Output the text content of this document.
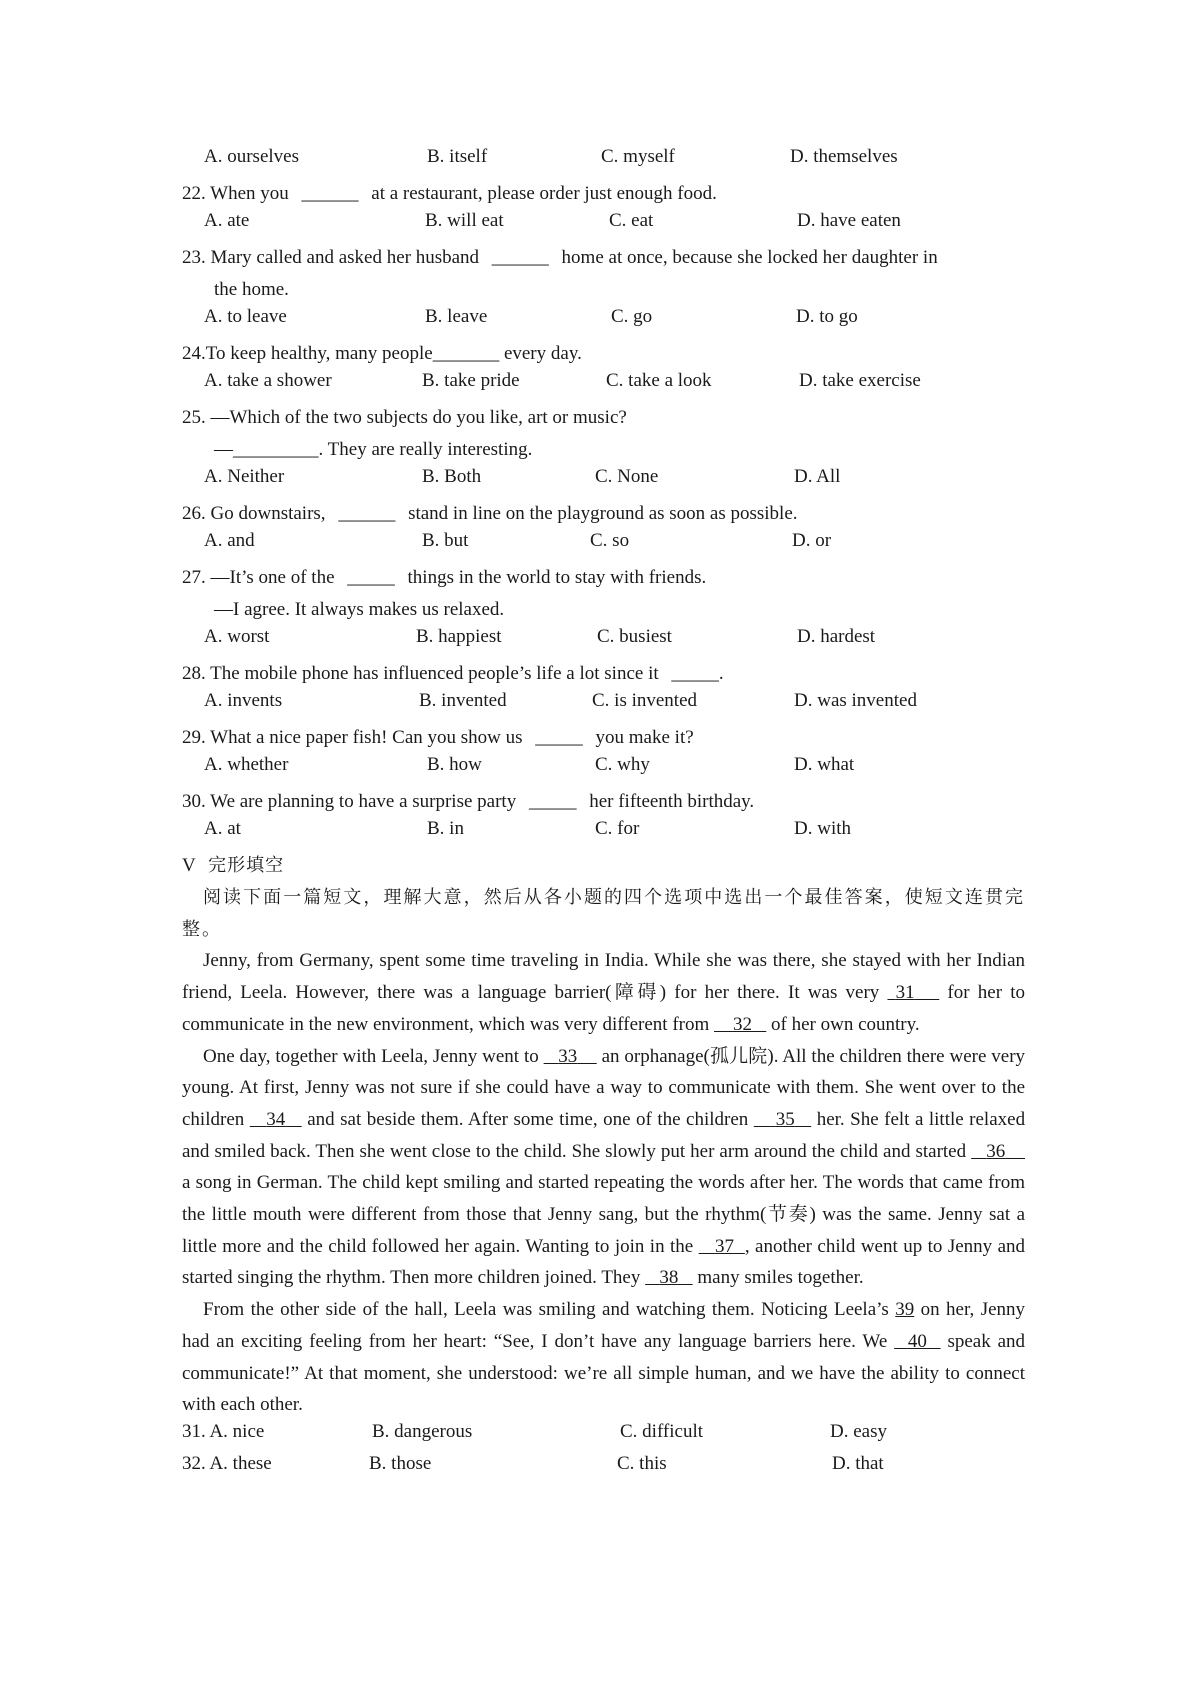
A. ourselves	B. itself	C. myself	D. themselves
22. When you ______ at a restaurant, please order just enough food.
A. ate	B. will eat	C. eat	D. have eaten
23. Mary called and asked her husband ______ home at once, because she locked her daughter in
the home.
A. to leave	B. leave	C. go	D. to go
24.To keep healthy, many people_______ every day.
A. take a shower	B. take pride	C. take a look	D. take exercise
25. —Which of the two subjects do you like, art or music?
—_________. They are really interesting.
A. Neither	B. Both	C. None	D. All
26. Go downstairs, ______ stand in line on the playground as soon as possible.
A. and	B. but	C. so	D. or
27. —It’s one of the _____ things in the world to stay with friends.
—I agree. It always makes us relaxed.
A. worst	B. happiest	C. busiest	D. hardest
28. The mobile phone has influenced people’s life a lot since it _____.
A. invents	B. invented	C. is invented	D. was invented
29. What a nice paper fish! Can you show us _____ you make it?
A. whether	B. how	C. why	D. what
30. We are planning to have a surprise party _____ her fifteenth birthday.
A. at	B. in	C. for	D. with
V 完形填空

阅读下面一篇短文，理解大意，然后从各小题的四个选项中选出一个最佳答案，使短文连贯完整。

Jenny, from Germany, spent some time traveling in India. While she was there, she stayed with her Indian friend, Leela. However, there was a language barrier(障碍) for her there. It was very 31 for her to communicate in the new environment, which was very different from 32 of her own country.

One day, together with Leela, Jenny went to 33 an orphanage(孤儿院). All the children there were very young. At first, Jenny was not sure if she could have a way to communicate with them. She went over to the children 34 and sat beside them. After some time, one of the children 35 her. She felt a little relaxed and smiled back. Then she went close to the child. She slowly put her arm around the child and started 36     a song in German. The child kept smiling and started repeating the words after her. The words that came from the little mouth were different from those that Jenny sang, but the rhythm(节奏) was the same. Jenny sat a little more and the child followed her again. Wanting to join in the 37 , another child went up to Jenny and started singing the rhythm. Then more children joined. They 38 many smiles together.

From the other side of the hall, Leela was smiling and watching them. Noticing Leela’s 39 on her, Jenny had an exciting feeling from her heart: “See, I don’t have any language barriers here. We 40 speak and communicate!” At that moment, she understood: we’re all simple human, and we have the ability to connect with each other.

31. A. nice	B. dangerous	C. difficult	D. easy
32. A. these	B. those	C. this	D. that
